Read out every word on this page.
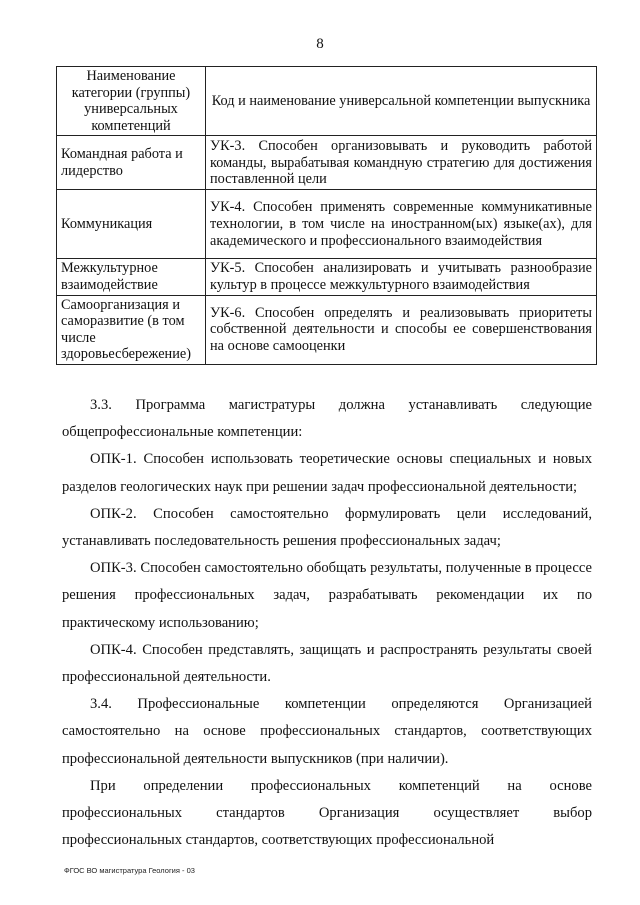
8
Наименование категории (группы) универсальных компетенций	Код и наименование универсальной компетенции выпускника
Командная работа и лидерство	УК-3. Способен организовывать и руководить работой команды, вырабатывая командную стратегию для достижения поставленной цели
Коммуникация	УК-4. Способен применять современные коммуникативные технологии, в том числе на иностранном(ых) языке(ах), для академического и профессионального взаимодействия
Межкультурное взаимодействие	УК-5. Способен анализировать и учитывать разнообразие культур в процессе межкультурного взаимодействия
Самоорганизация и саморазвитие (в том числе здоровьесбережение)	УК-6. Способен определять и реализовывать приоритеты собственной деятельности и способы ее совершенствования на основе самооценки

3.3. Программа магистратуры должна устанавливать следующие общепрофессиональные компетенции:

ОПК-1. Способен использовать теоретические основы специальных и новых разделов геологических наук при решении задач профессиональной деятельности;

ОПК-2. Способен самостоятельно формулировать цели исследований, устанавливать последовательность решения профессиональных задач;

ОПК-3. Способен самостоятельно обобщать результаты, полученные в процессе решения профессиональных задач, разрабатывать рекомендации их по практическому использованию;

ОПК-4. Способен представлять, защищать и распространять результаты своей профессиональной деятельности.

3.4. Профессиональные компетенции определяются Организацией самостоятельно на основе профессиональных стандартов, соответствующих профессиональной деятельности выпускников (при наличии).

При определении профессиональных компетенций на основе профессиональных стандартов Организация осуществляет выбор профессиональных стандартов, соответствующих профессиональной

ФГОС ВО магистратура Геология - 03
